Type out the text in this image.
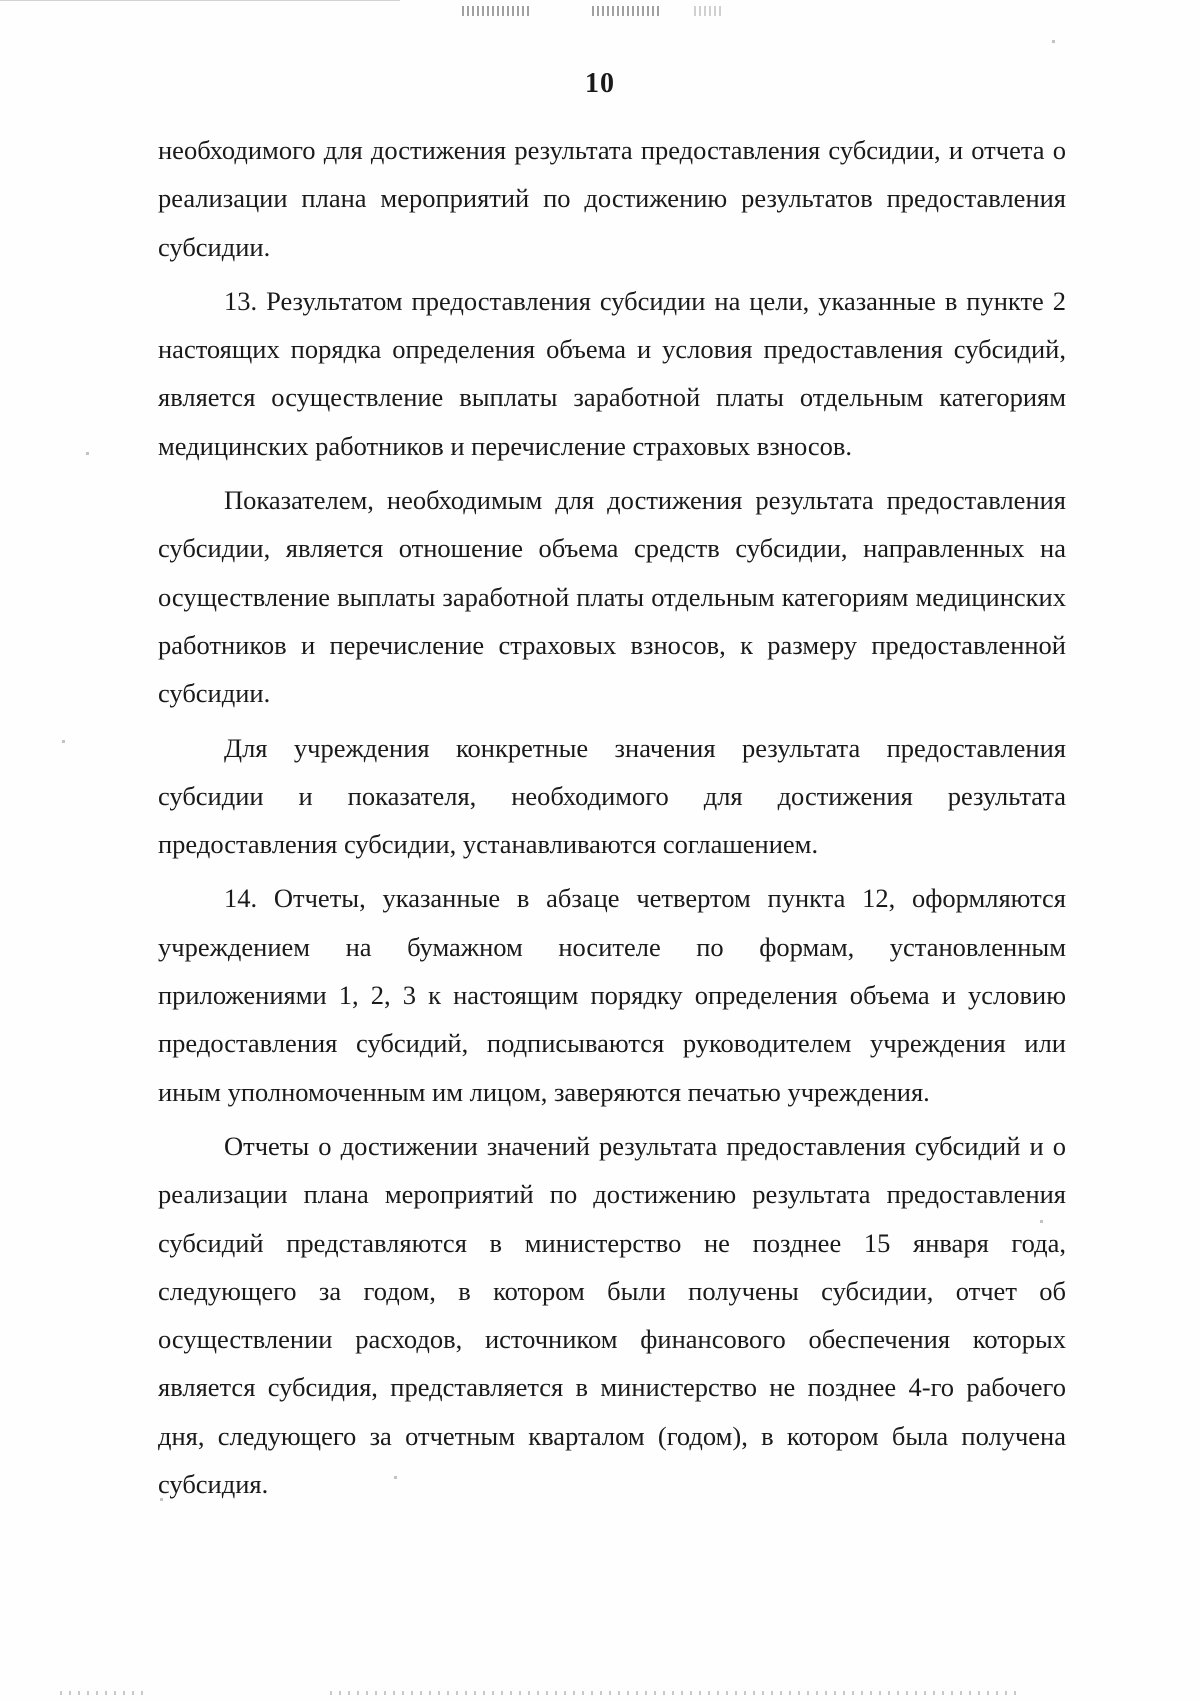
10

необходимого для достижения результата предоставления субсидии, и отчета о реализации плана мероприятий по достижению результатов предоставления субсидии.

13. Результатом предоставления субсидии на цели, указанные в пункте 2 настоящих порядка определения объема и условия предоставления субсидий, является осуществление выплаты заработной платы отдельным категориям медицинских работников и перечисление страховых взносов.

Показателем, необходимым для достижения результата предоставления субсидии, является отношение объема средств субсидии, направленных на осуществление выплаты заработной платы отдельным категориям медицинских работников и перечисление страховых взносов, к размеру предоставленной субсидии.

Для учреждения конкретные значения результата предоставления субсидии и показателя, необходимого для достижения результата предоставления субсидии, устанавливаются соглашением.

14. Отчеты, указанные в абзаце четвертом пункта 12, оформляются учреждением на бумажном носителе по формам, установленным приложениями 1, 2, 3 к настоящим порядку определения объема и условию предоставления субсидий, подписываются руководителем учреждения или иным уполномоченным им лицом, заверяются печатью учреждения.

Отчеты о достижении значений результата предоставления субсидий и о реализации плана мероприятий по достижению результата предоставления субсидий представляются в министерство не позднее 15 января года, следующего за годом, в котором были получены субсидии, отчет об осуществлении расходов, источником финансового обеспечения которых является субсидия, представляется в министерство не позднее 4-го рабочего дня, следующего за отчетным кварталом (годом), в котором была получена субсидия.
